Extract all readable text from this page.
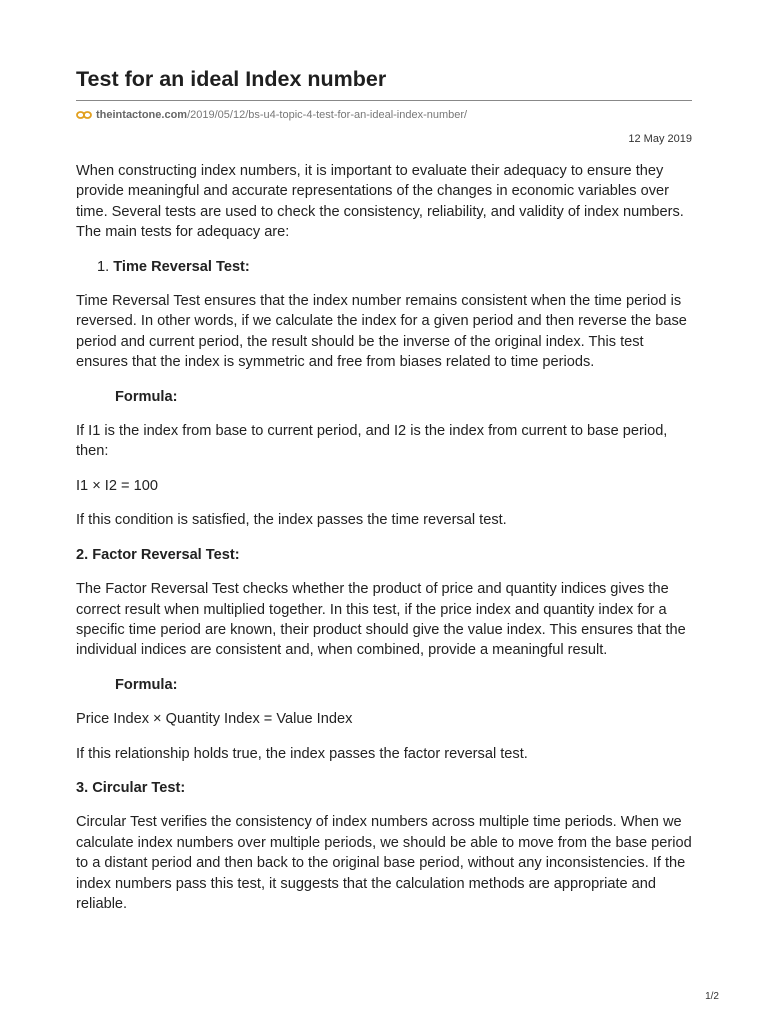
Test for an ideal Index number
theintactone.com/2019/05/12/bs-u4-topic-4-test-for-an-ideal-index-number/
12 May 2019

When constructing index numbers, it is important to evaluate their adequacy to ensure they provide meaningful and accurate representations of the changes in economic variables over time. Several tests are used to check the consistency, reliability, and validity of index numbers. The main tests for adequacy are:

1. Time Reversal Test:

Time Reversal Test ensures that the index number remains consistent when the time period is reversed. In other words, if we calculate the index for a given period and then reverse the base period and current period, the result should be the inverse of the original index. This test ensures that the index is symmetric and free from biases related to time periods.

Formula:

If I1 is the index from base to current period, and I2 is the index from current to base period, then:

I1 × I2 = 100

If this condition is satisfied, the index passes the time reversal test.

2. Factor Reversal Test:

The Factor Reversal Test checks whether the product of price and quantity indices gives the correct result when multiplied together. In this test, if the price index and quantity index for a specific time period are known, their product should give the value index. This ensures that the individual indices are consistent and, when combined, provide a meaningful result.

Formula:

Price Index × Quantity Index = Value Index

If this relationship holds true, the index passes the factor reversal test.

3. Circular Test:

Circular Test verifies the consistency of index numbers across multiple time periods. When we calculate index numbers over multiple periods, we should be able to move from the base period to a distant period and then back to the original base period, without any inconsistencies. If the index numbers pass this test, it suggests that the calculation methods are appropriate and reliable.

1/2
